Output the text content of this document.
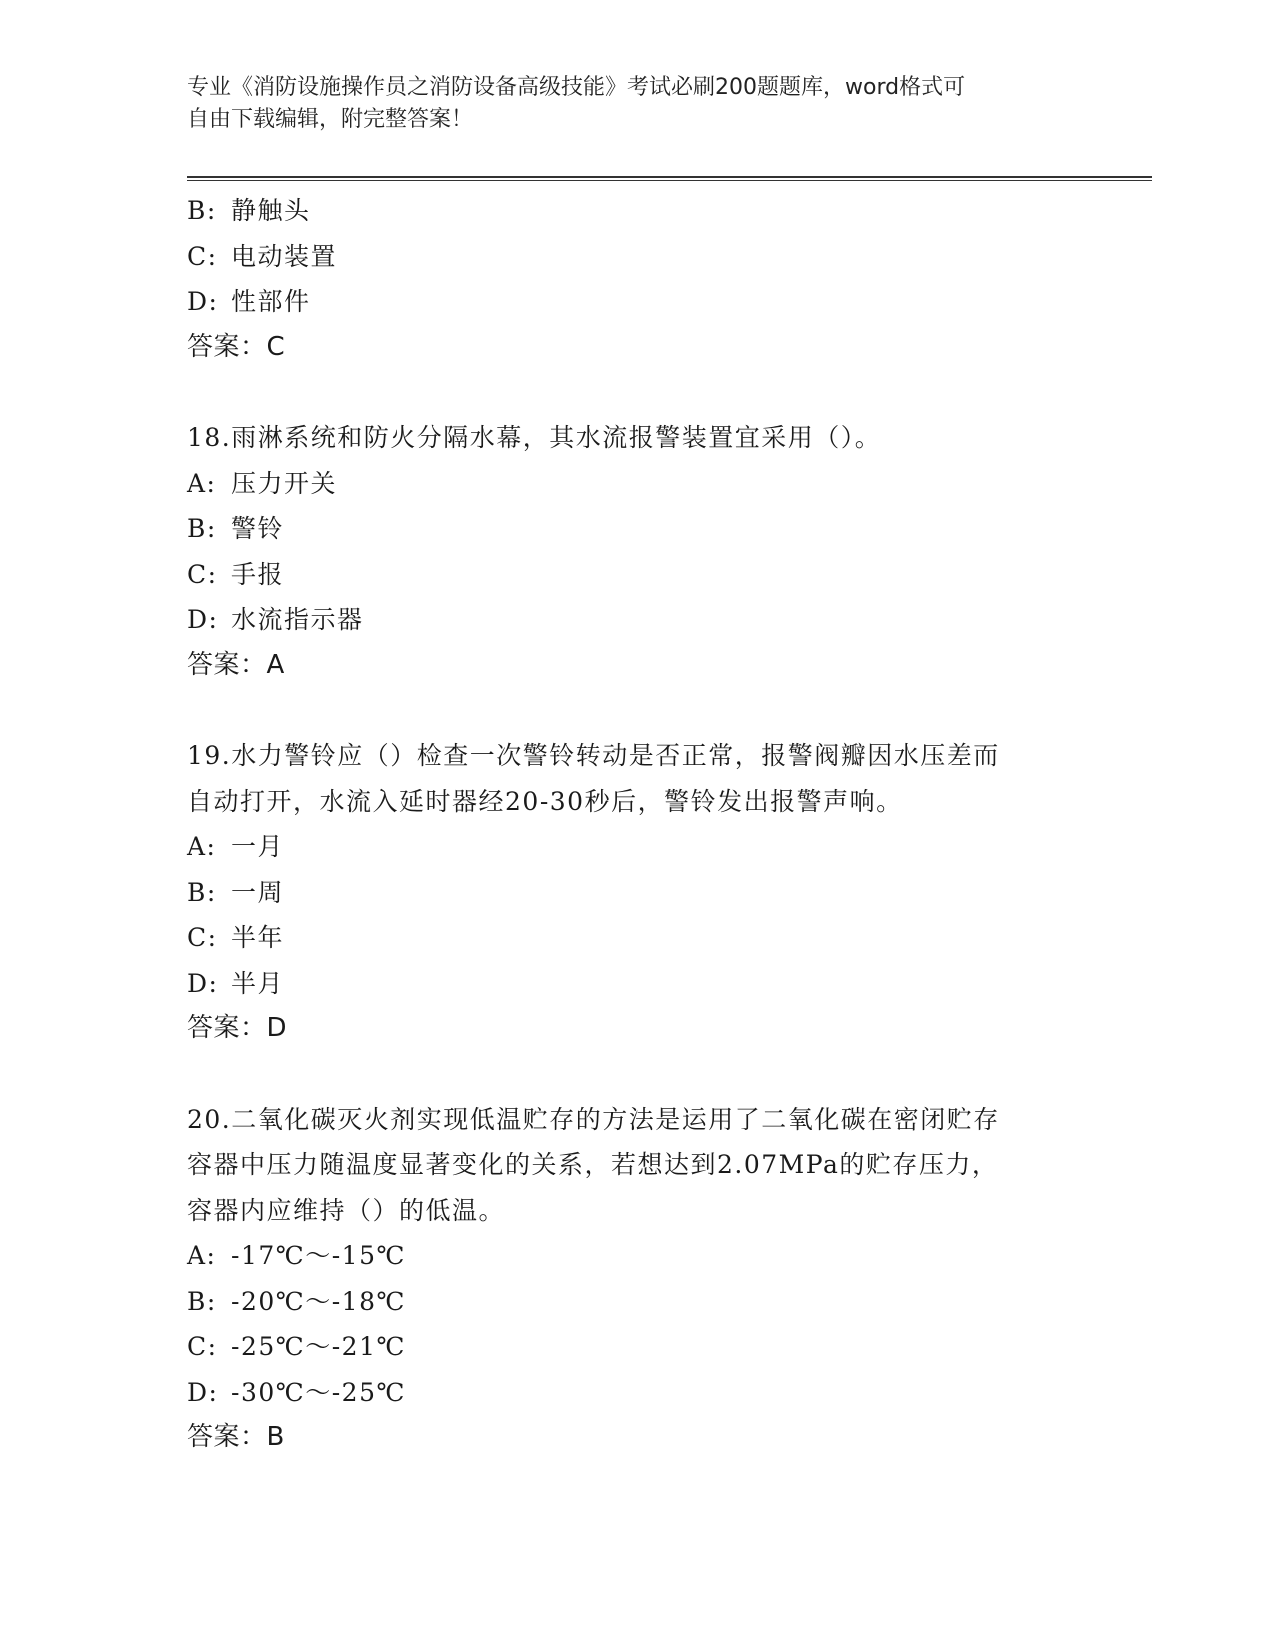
专业《消防设施操作员之消防设备高级技能》考试必刷200题题库，word格式可
自由下载编辑，附完整答案！
B: 静触头
C: 电动装置
D: 性部件
答案：C
18.雨淋系统和防火分隔水幕，其水流报警装置宜采用（）。
A: 压力开关
B: 警铃
C: 手报
D: 水流指示器
答案：A
19.水力警铃应（）检查一次警铃转动是否正常，报警阀瓣因水压差而
自动打开，水流入延时器经20-30秒后，警铃发出报警声响。
A: 一月
B: 一周
C: 半年
D: 半月
答案：D
20.二氧化碳灭火剂实现低温贮存的方法是运用了二氧化碳在密闭贮存
容器中压力随温度显著变化的关系，若想达到2.07MPa的贮存压力，
容器内应维持（）的低温。
A: -17℃～-15℃
B: -20℃～-18℃
C: -25℃～-21℃
D: -30℃～-25℃
答案：B
